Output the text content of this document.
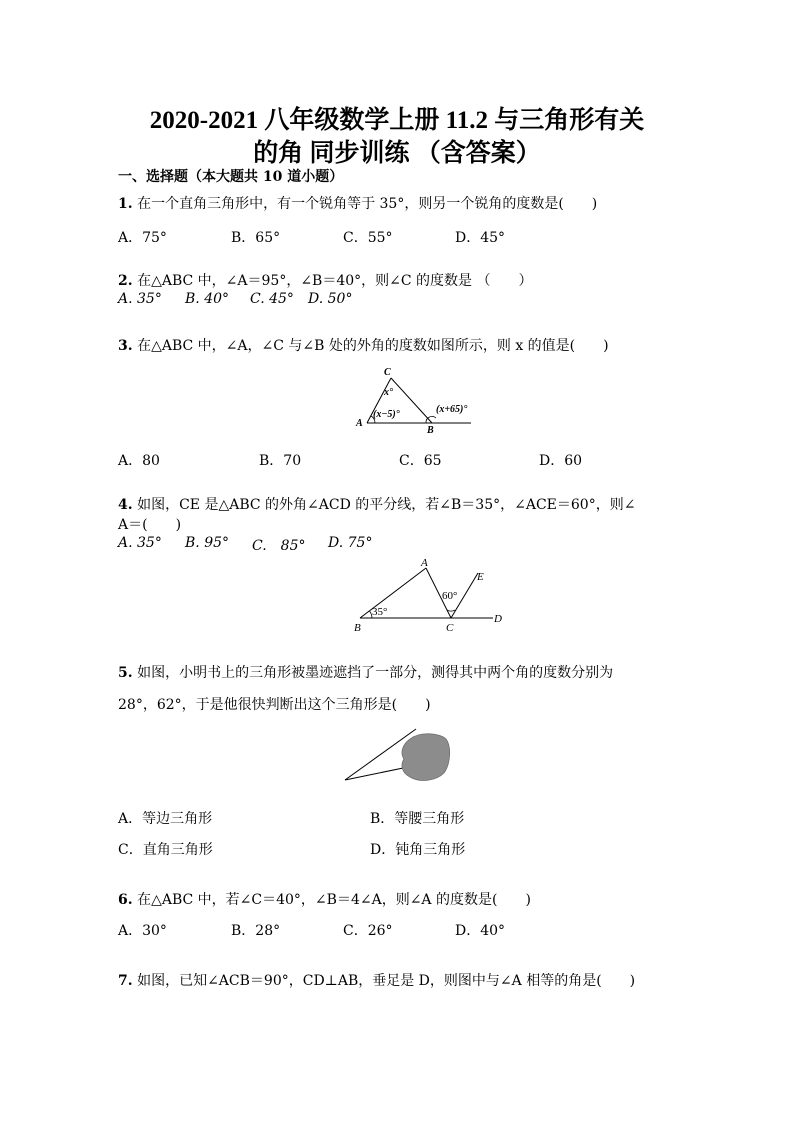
2020-2021 八年级数学上册 11.2 与三角形有关
的角 同步训练 （含答案）
一、选择题（本大题共 10 道小题）
1. 在一个直角三角形中，有一个锐角等于 35°，则另一个锐角的度数是(　　)
A．75°	B．65°	C．55°	D．45°
2. 在△ABC 中，∠A＝95°，∠B＝40°，则∠C 的度数是 （　　）
A. 35° B. 40° C. 45° D. 50°
3. 在△ABC 中，∠A，∠C 与∠B 处的外角的度数如图所示，则 x 的值是(　　)
C
x°
(x−5)°	(x+65)°
A
B
A．80	B．70	C．65	D．60
4. 如图，CE 是△ABC 的外角∠ACD 的平分线，若∠B＝35°，∠ACE＝60°，则∠
A＝(　　)
A. 35° B. 95° C.　85° D. 75°
35°
60°
A
E
B	C
D
5. 如图，小明书上的三角形被墨迹遮挡了一部分，测得其中两个角的度数分别为
28°，62°，于是他很快判断出这个三角形是(　　)
A．等边三角形	B．等腰三角形
C．直角三角形	D．钝角三角形
6. 在△ABC 中，若∠C＝40°，∠B＝4∠A，则∠A 的度数是(　　)
A．30°	B．28°	C．26°	D．40°
7. 如图，已知∠ACB＝90°，CD⊥AB，垂足是 D，则图中与∠A 相等的角是(　　)
